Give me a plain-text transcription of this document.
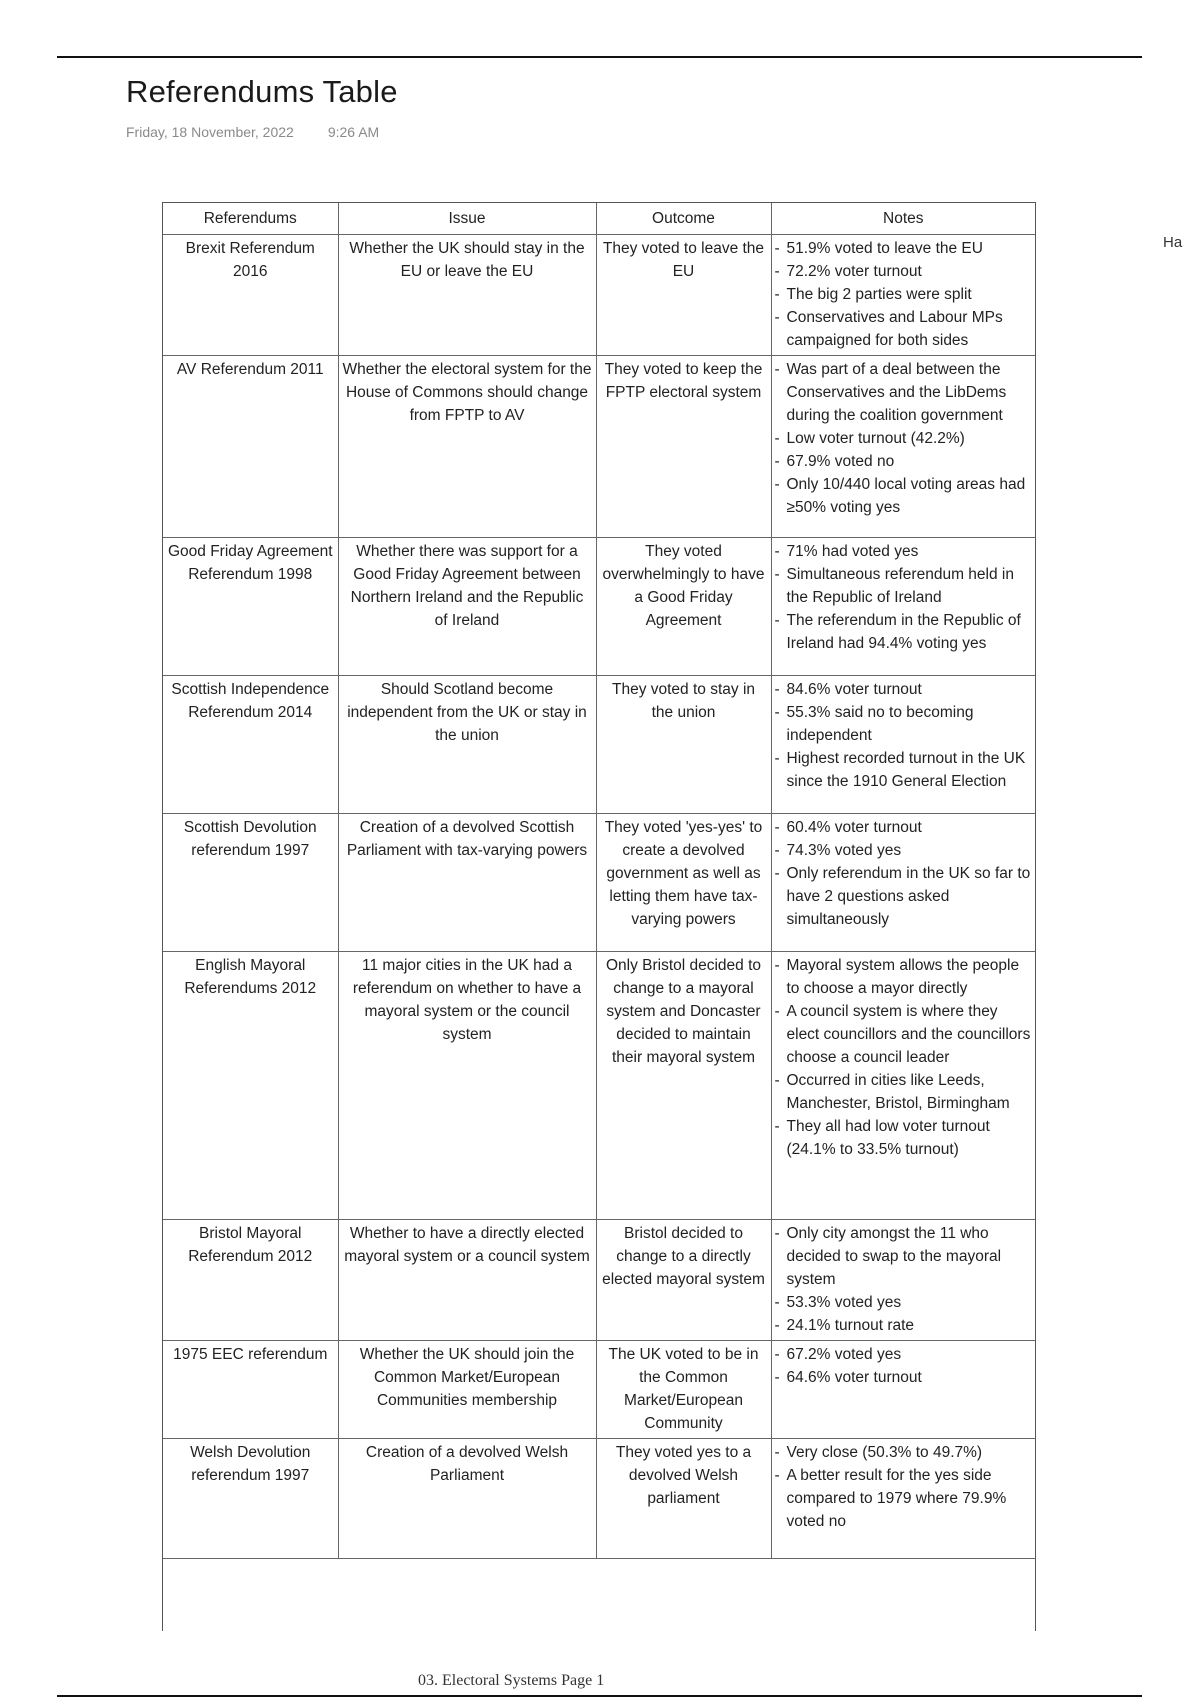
Referendums Table
Friday, 18 November, 2022 9:26 AM
Ha
Referendums	Issue	Outcome	Notes
Brexit Referendum 2016	Whether the UK should stay in the EU or leave the EU	They voted to leave the EU	- 51.9% voted to leave the EU
- 72.2% voter turnout
- The big 2 parties were split
- Conservatives and Labour MPs campaigned for both sides

AV Referendum 2011	Whether the electoral system for the House of Commons should change from FPTP to AV	They voted to keep the FPTP electoral system	- Was part of a deal between the Conservatives and the LibDems during the coalition government
- Low voter turnout (42.2%)
- 67.9% voted no
- Only 10/440 local voting areas had ≥50% voting yes

Good Friday Agreement Referendum 1998	Whether there was support for a Good Friday Agreement between Northern Ireland and the Republic of Ireland	They voted overwhelmingly to have a Good Friday Agreement	- 71% had voted yes
- Simultaneous referendum held in the Republic of Ireland
- The referendum in the Republic of Ireland had 94.4% voting yes

Scottish Independence Referendum 2014	Should Scotland become independent from the UK or stay in the union	They voted to stay in the union	- 84.6% voter turnout
- 55.3% said no to becoming independent
- Highest recorded turnout in the UK since the 1910 General Election

Scottish Devolution referendum 1997	Creation of a devolved Scottish Parliament with tax-varying powers	They voted 'yes-yes' to create a devolved government as well as letting them have tax-varying powers	- 60.4% voter turnout
- 74.3% voted yes
- Only referendum in the UK so far to have 2 questions asked simultaneously

English Mayoral Referendums 2012	11 major cities in the UK had a referendum on whether to have a mayoral system or the council system	Only Bristol decided to change to a mayoral system and Doncaster decided to maintain their mayoral system	- Mayoral system allows the people to choose a mayor directly
- A council system is where they elect councillors and the councillors choose a council leader
- Occurred in cities like Leeds, Manchester, Bristol, Birmingham
- They all had low voter turnout (24.1% to 33.5% turnout)

Bristol Mayoral Referendum 2012	Whether to have a directly elected mayoral system or a council system	Bristol decided to change to a directly elected mayoral system	- Only city amongst the 11 who decided to swap to the mayoral system
- 53.3% voted yes
- 24.1% turnout rate

1975 EEC referendum	Whether the UK should join the Common Market/European Communities membership	The UK voted to be in the Common Market/European Community	- 67.2% voted yes
- 64.6% voter turnout

Welsh Devolution referendum 1997	Creation of a devolved Welsh Parliament	They voted yes to a devolved Welsh parliament	- Very close (50.3% to 49.7%)
- A better result for the yes side compared to 1979 where 79.9% voted no
03. Electoral Systems Page 1
